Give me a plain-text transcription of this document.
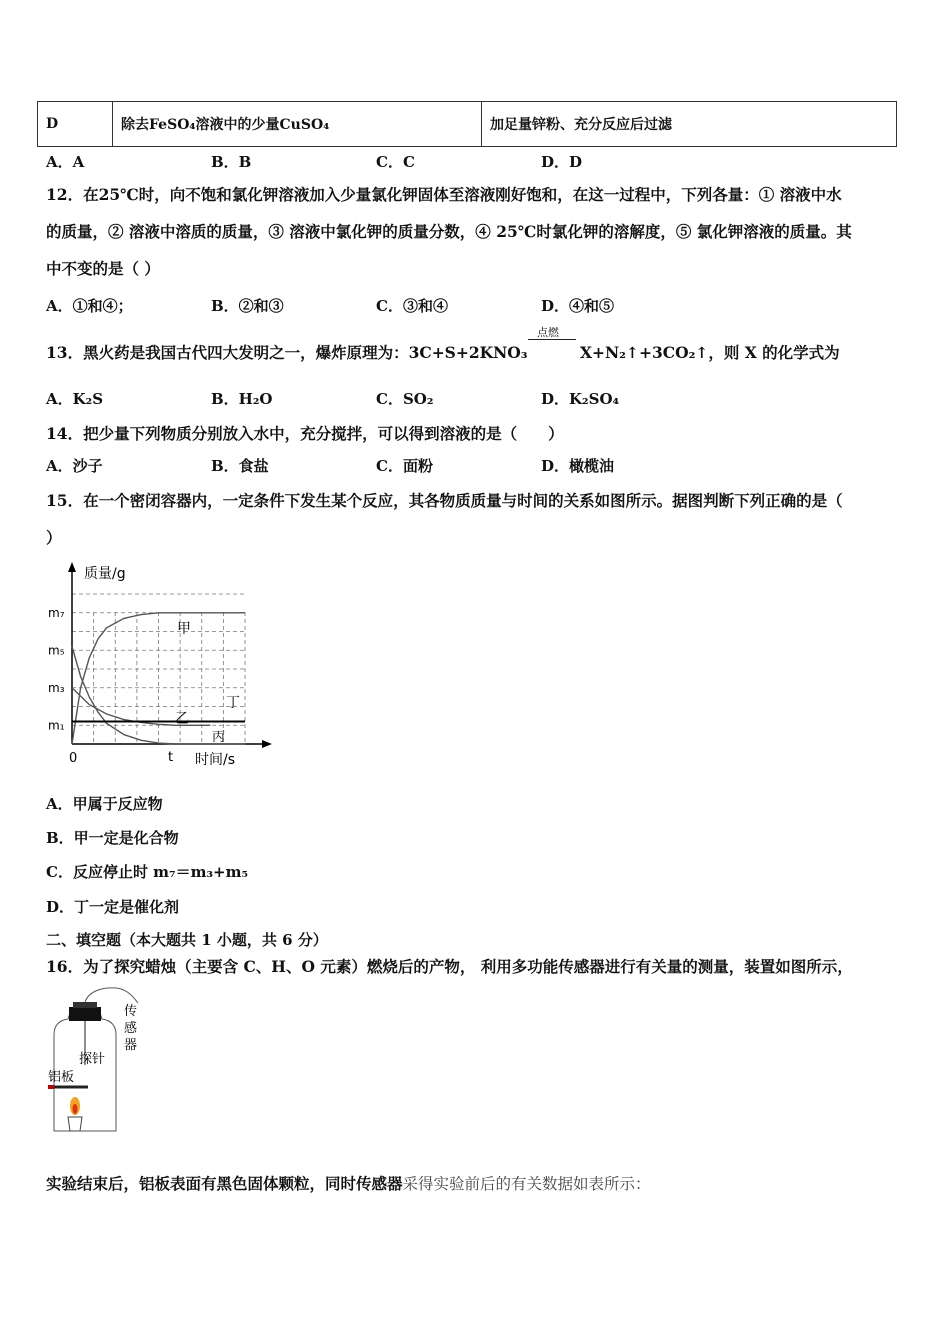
D	除去FeSO₄溶液中的少量CuSO₄	加足量锌粉、充分反应后过滤
A．A	B．B	C．C	D．D
12．在25℃时，向不饱和氯化钾溶液加入少量氯化钾固体至溶液刚好饱和，在这一过程中，下列各量：① 溶液中水
的质量，② 溶液中溶质的质量，③ 溶液中氯化钾的质量分数，④ 25℃时氯化钾的溶解度，⑤ 氯化钾溶液的质量。其
中不变的是（ ）
A．①和④；	B．②和③	C．③和④	D．④和⑤
13．黑火药是我国古代四大发明之一，爆炸原理为：3C+S+2KNO₃
点燃
X+N₂↑+3CO₂↑，则 X 的化学式为
A．K₂S	B．H₂O	C．SO₂	D．K₂SO₄
14．把少量下列物质分别放入水中，充分搅拌，可以得到溶液的是（　　）
A．沙子	B．食盐	C．面粉	D．橄榄油
15．在一个密闭容器内，一定条件下发生某个反应，其各物质质量与时间的关系如图所示。据图判断下列正确的是（
）
质量/g
时间/s
0	t
m₁
m₃
m₅
m₇
甲
乙
丙
丁
A．甲属于反应物
B．甲一定是化合物
C．反应停止时 m₇＝m₃+m₅
D．丁一定是催化剂
二、填空题（本大题共 1 小题，共 6 分）
16．为了探究蜡烛（主要含 C、H、O 元素）燃烧后的产物， 利用多功能传感器进行有关量的测量，装置如图所示，
探针
铝板
传感器
实验结束后，铝板表面有黑色固体颗粒，同时传感器采得实验前后的有关数据如表所示：
